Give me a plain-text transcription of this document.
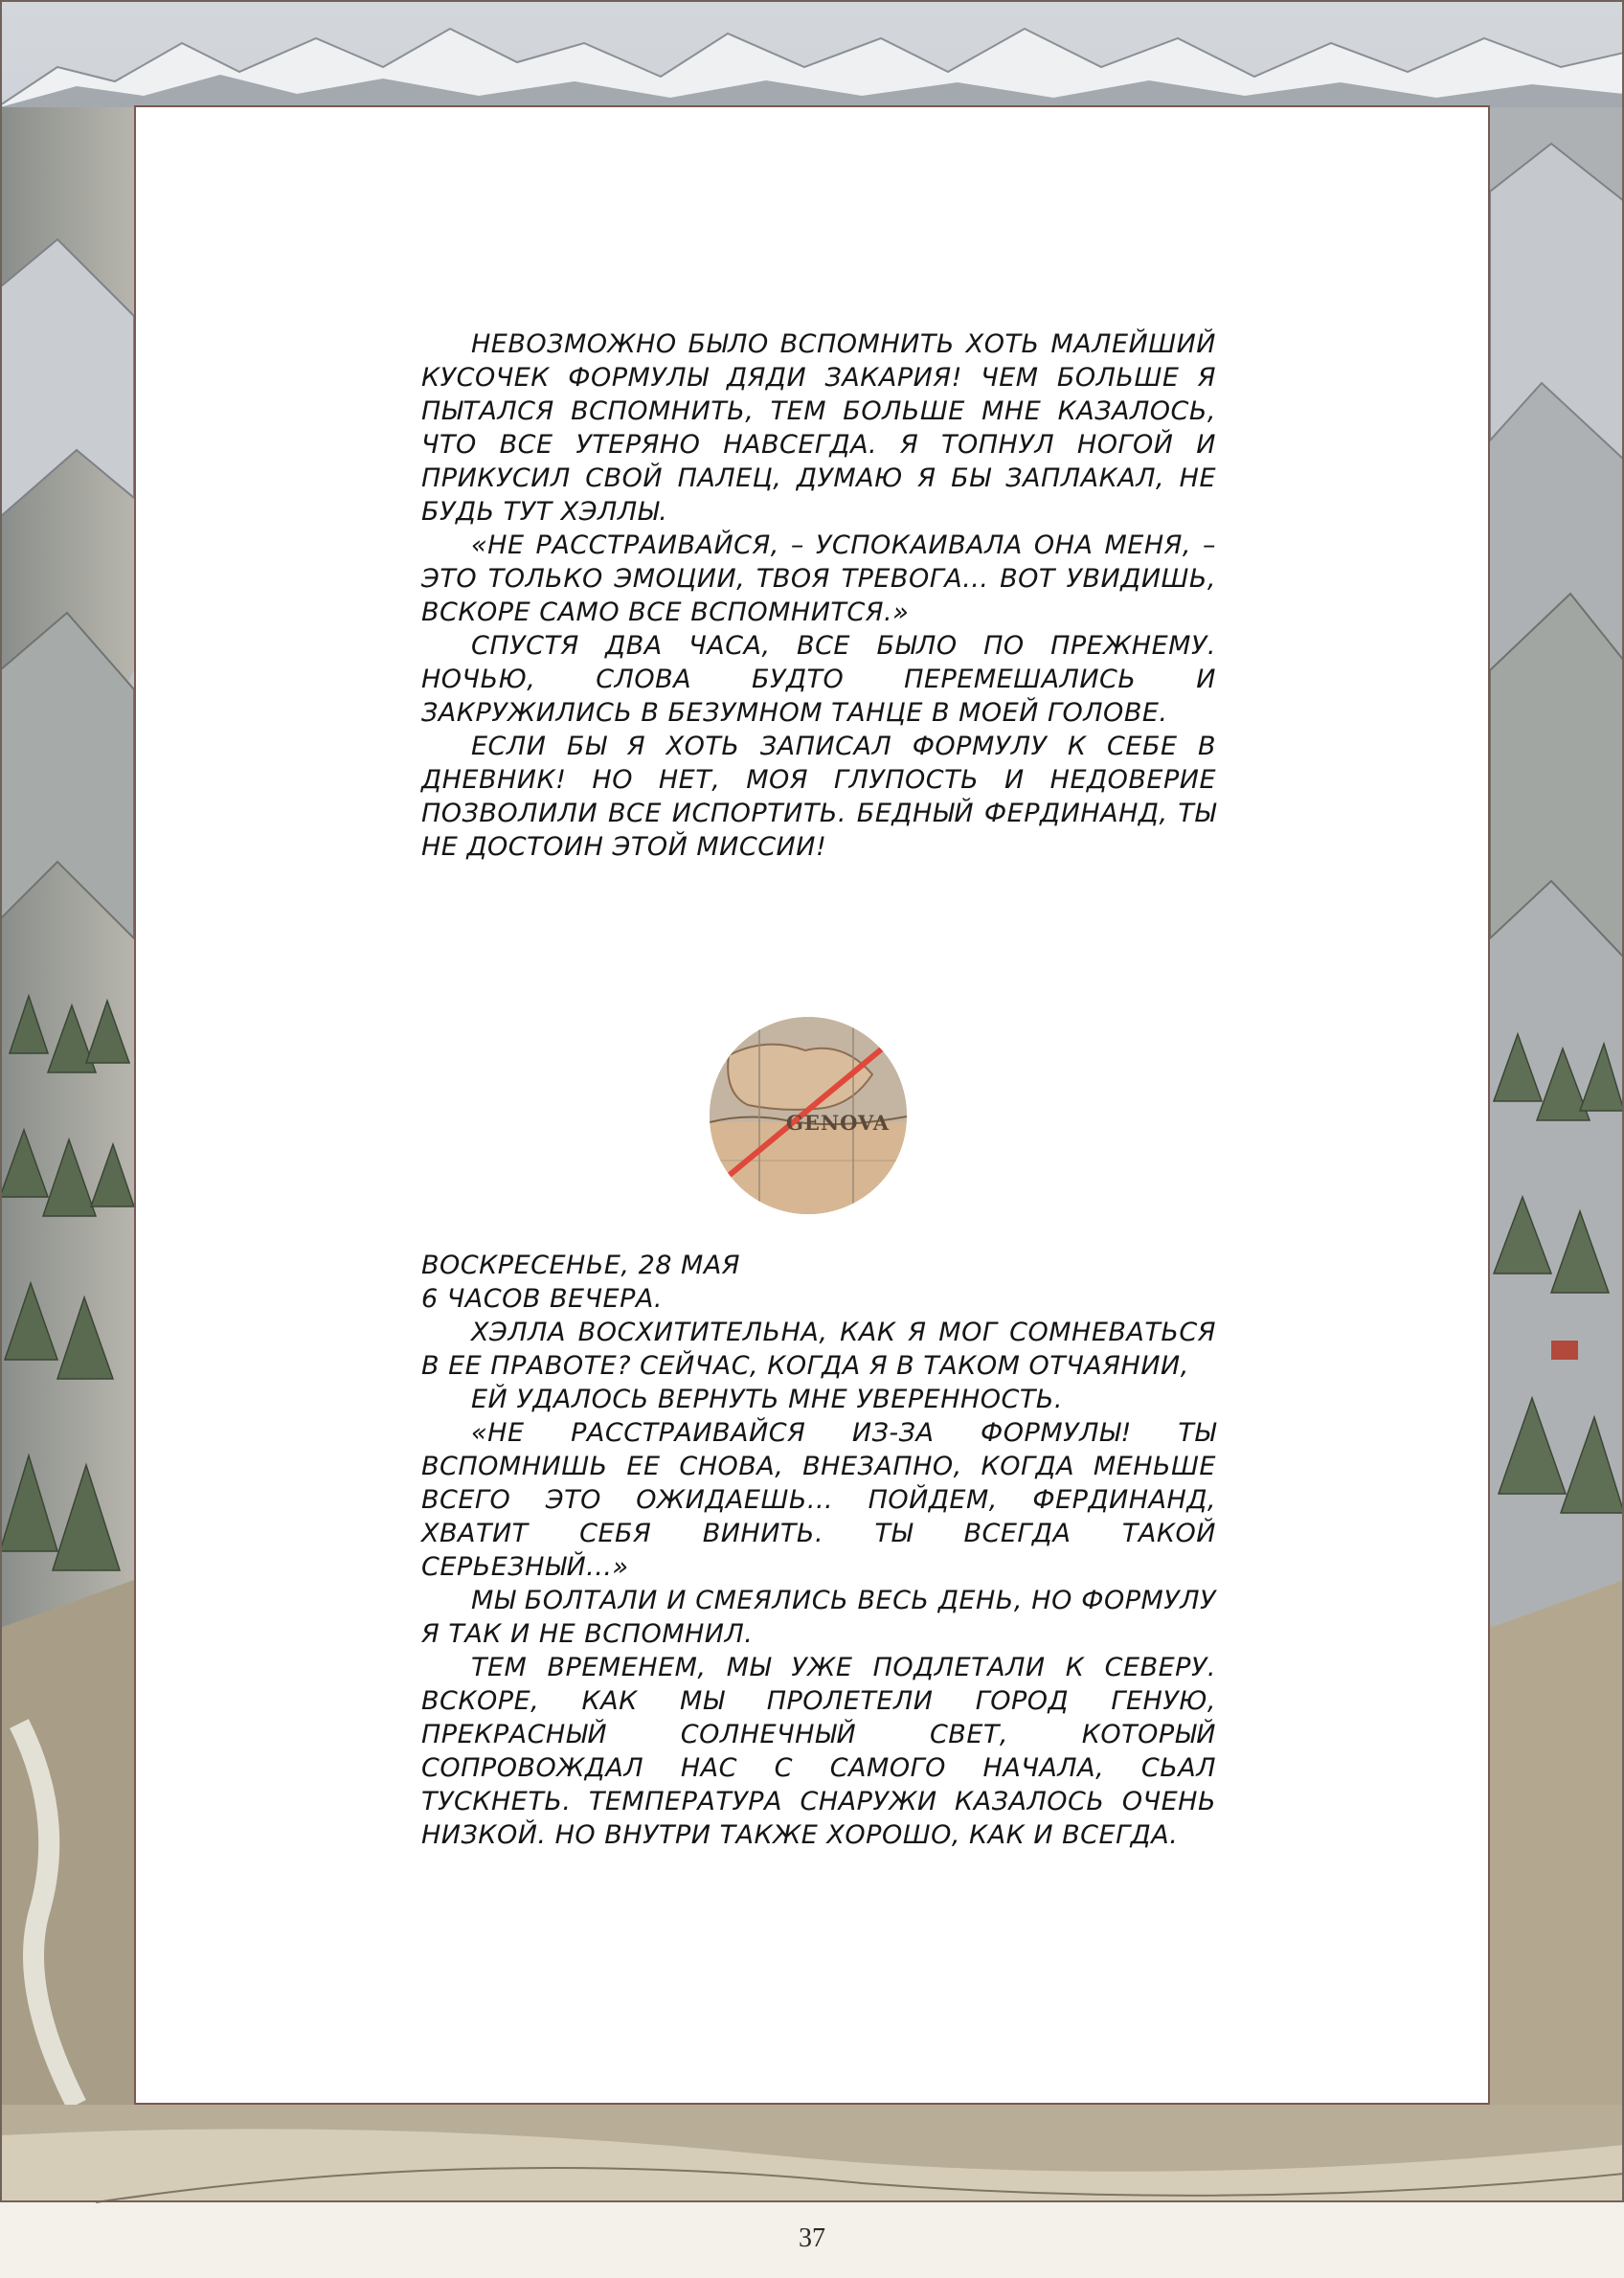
НЕВОЗМОЖНО БЫЛО ВСПОМНИТЬ ХОТЬ МАЛЕЙШИЙ КУСОЧЕК ФОРМУЛЫ ДЯДИ ЗАКАРИЯ! ЧЕМ БОЛЬШЕ Я ПЫТАЛСЯ ВСПОМНИТЬ, ТЕМ БОЛЬШЕ МНЕ КАЗАЛОСЬ, ЧТО ВСЕ УТЕРЯНО НАВСЕГДА. Я ТОПНУЛ НОГОЙ И ПРИКУСИЛ СВОЙ ПАЛЕЦ, ДУМАЮ Я БЫ ЗАПЛАКАЛ, НЕ БУДЬ ТУТ ХЭЛЛЫ.

«НЕ РАССТРАИВАЙСЯ, – УСПОКАИВАЛА ОНА МЕНЯ, – ЭТО ТОЛЬКО ЭМОЦИИ, ТВОЯ ТРЕВОГА... ВОТ УВИДИШЬ, ВСКОРЕ САМО ВСЕ ВСПОМНИТСЯ.»

СПУСТЯ ДВА ЧАСА, ВСЕ БЫЛО ПО ПРЕЖНЕМУ. НОЧЬЮ, СЛОВА БУДТО ПЕРЕМЕШАЛИСЬ И ЗАКРУЖИЛИСЬ В БЕЗУМНОМ ТАНЦЕ В МОЕЙ ГОЛОВЕ.

ЕСЛИ БЫ Я ХОТЬ ЗАПИСАЛ ФОРМУЛУ К СЕБЕ В ДНЕВНИК! НО НЕТ, МОЯ ГЛУПОСТЬ И НЕДОВЕРИЕ ПОЗВОЛИЛИ ВСЕ ИСПОРТИТЬ. БЕДНЫЙ ФЕРДИНАНД, ТЫ НЕ ДОСТОИН ЭТОЙ МИССИИ!

GENOVA

ВОСКРЕСЕНЬЕ, 28 МАЯ

6 ЧАСОВ ВЕЧЕРА.

ХЭЛЛА ВОСХИТИТЕЛЬНА, КАК Я МОГ СОМНЕВАТЬСЯ В ЕЕ ПРАВОТЕ? СЕЙЧАС, КОГДА Я В ТАКОМ ОТЧАЯНИИ,

ЕЙ УДАЛОСЬ ВЕРНУТЬ МНЕ УВЕРЕННОСТЬ.

«НЕ РАССТРАИВАЙСЯ ИЗ-ЗА ФОРМУЛЫ! ТЫ ВСПОМНИШЬ ЕЕ СНОВА, ВНЕЗАПНО, КОГДА МЕНЬШЕ ВСЕГО ЭТО ОЖИДАЕШЬ... ПОЙДЕМ, ФЕРДИНАНД, ХВАТИТ СЕБЯ ВИНИТЬ. ТЫ ВСЕГДА ТАКОЙ СЕРЬЕЗНЫЙ...»

МЫ БОЛТАЛИ И СМЕЯЛИСЬ ВЕСЬ ДЕНЬ, НО ФОРМУЛУ Я ТАК И НЕ ВСПОМНИЛ.

ТЕМ ВРЕМЕНЕМ, МЫ УЖЕ ПОДЛЕТАЛИ К СЕВЕРУ. ВСКОРЕ, КАК МЫ ПРОЛЕТЕЛИ ГОРОД ГЕНУЮ, ПРЕКРАСНЫЙ СОЛНЕЧНЫЙ СВЕТ, КОТОРЫЙ СОПРОВОЖДАЛ НАС С САМОГО НАЧАЛА, СЬАЛ ТУСКНЕТЬ. ТЕМПЕРАТУРА СНАРУЖИ КАЗАЛОСЬ ОЧЕНЬ НИЗКОЙ. НО ВНУТРИ ТАКЖЕ ХОРОШО, КАК И ВСЕГДА.

37
